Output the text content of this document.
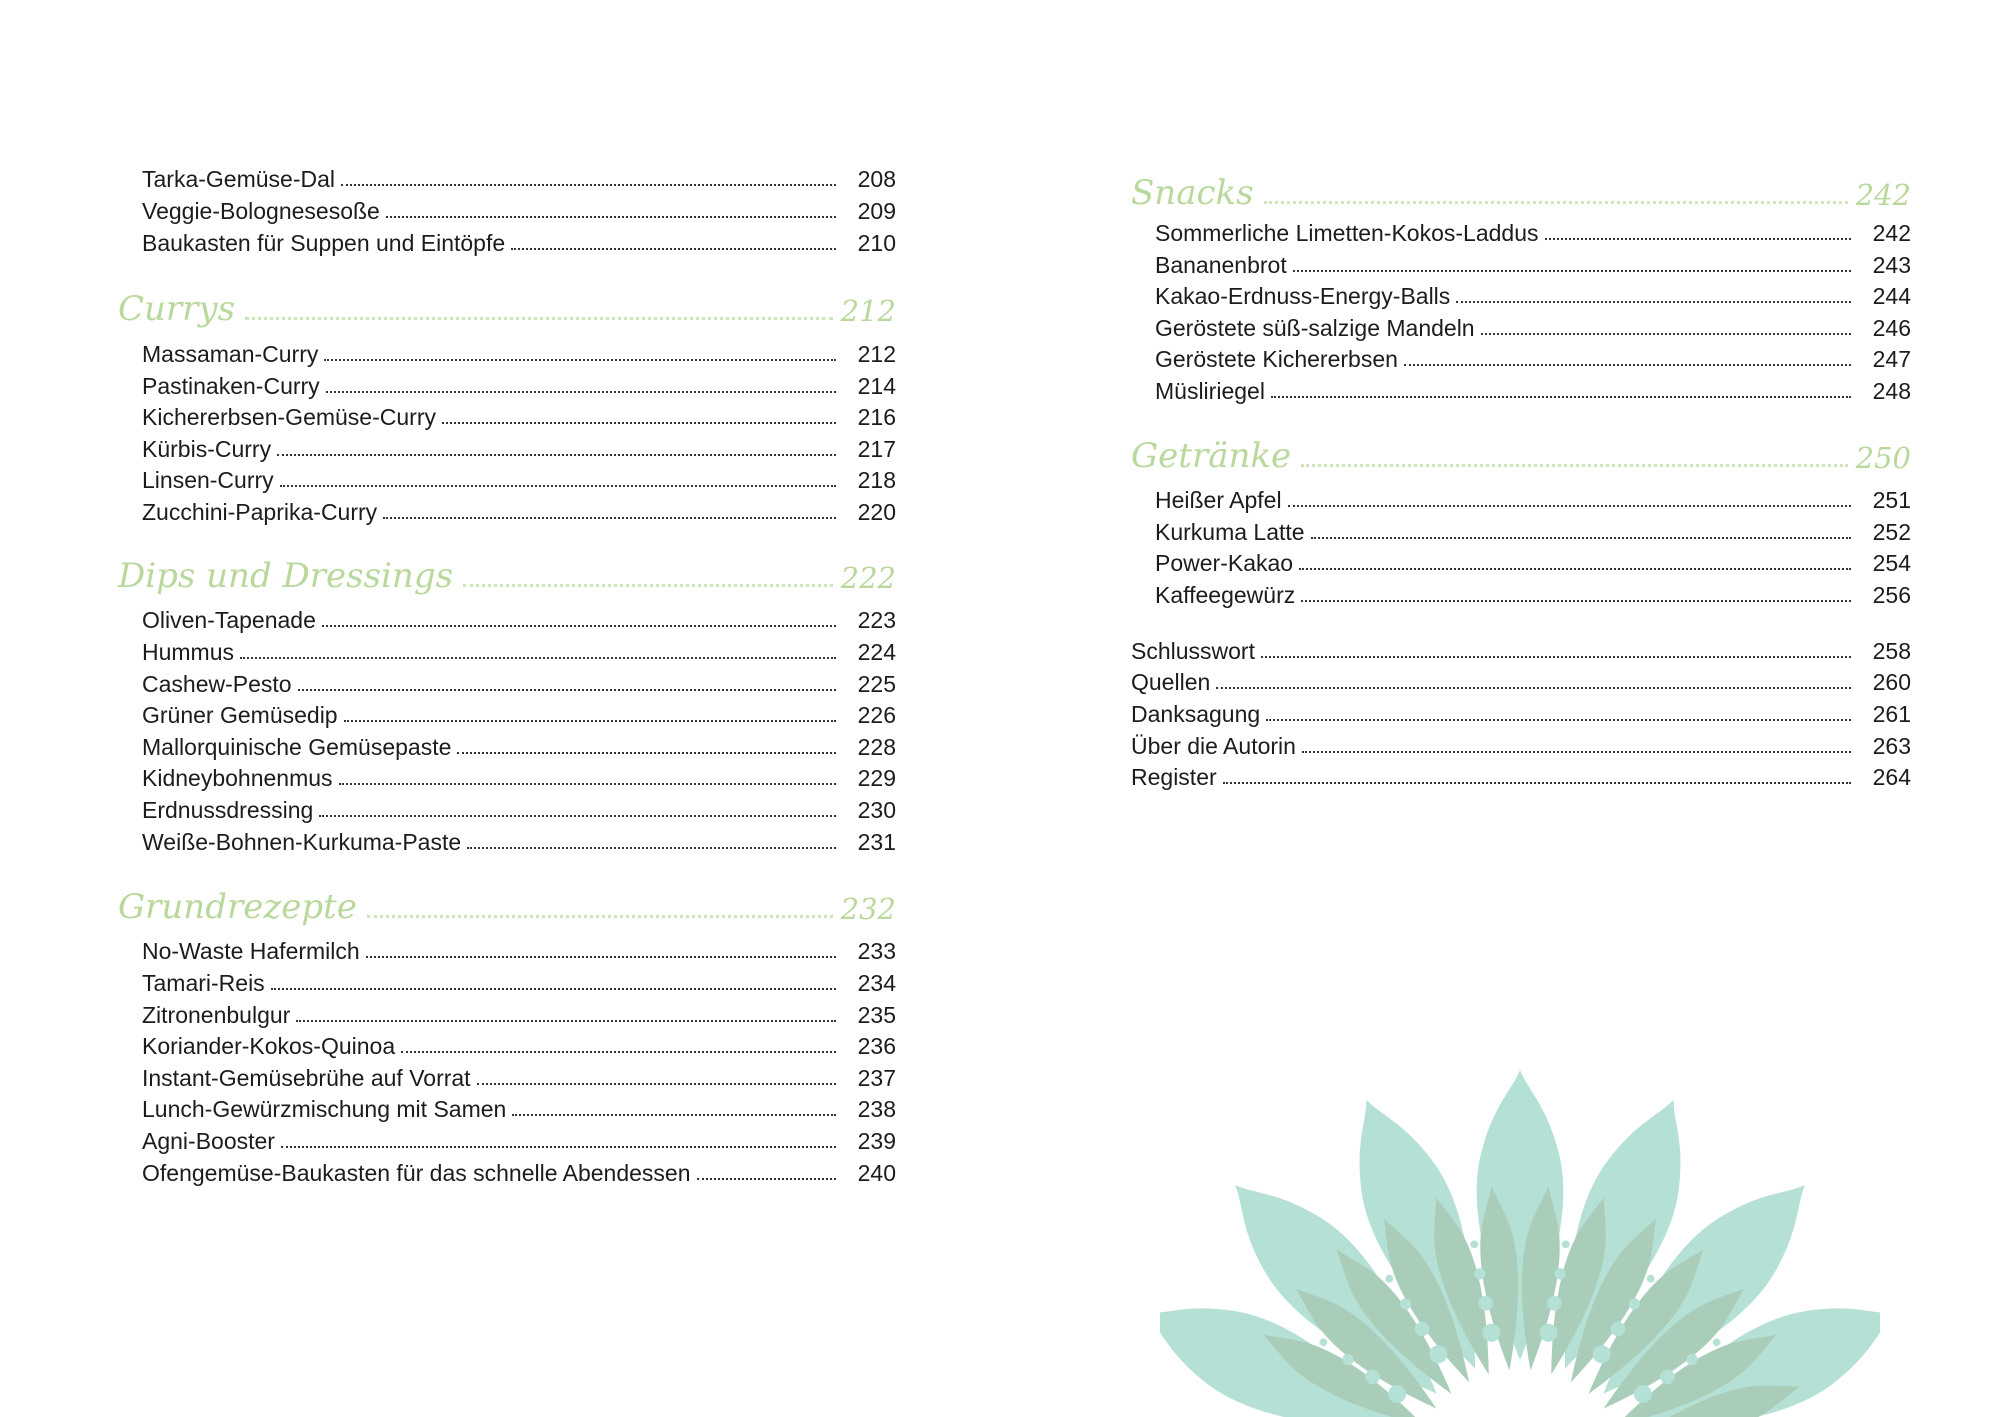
Tarka-Gemüse-Dal	208
Veggie-Bolognesesoße	209
Baukasten für Suppen und Eintöpfe	210
Currys	212
Massaman-Curry	212
Pastinaken-Curry	214
Kichererbsen-Gemüse-Curry	216
Kürbis-Curry	217
Linsen-Curry	218
Zucchini-Paprika-Curry	220
Dips und Dressings	222
Oliven-Tapenade	223
Hummus	224
Cashew-Pesto	225
Grüner Gemüsedip	226
Mallorquinische Gemüsepaste	228
Kidneybohnenmus	229
Erdnussdressing	230
Weiße-Bohnen-Kurkuma-Paste	231
Grundrezepte	232
No-Waste Hafermilch	233
Tamari-Reis	234
Zitronenbulgur	235
Koriander-Kokos-Quinoa	236
Instant-Gemüsebrühe auf Vorrat	237
Lunch-Gewürzmischung mit Samen	238
Agni-Booster	239
Ofengemüse-Baukasten für das schnelle Abendessen	240
Snacks	242
Sommerliche Limetten-Kokos-Laddus	242
Bananenbrot	243
Kakao-Erdnuss-Energy-Balls	244
Geröstete süß-salzige Mandeln	246
Geröstete Kichererbsen	247
Müsliriegel	248
Getränke	250
Heißer Apfel	251
Kurkuma Latte	252
Power-Kakao	254
Kaffeegewürz	256
Schlusswort	258
Quellen	260
Danksagung	261
Über die Autorin	263
Register	264
